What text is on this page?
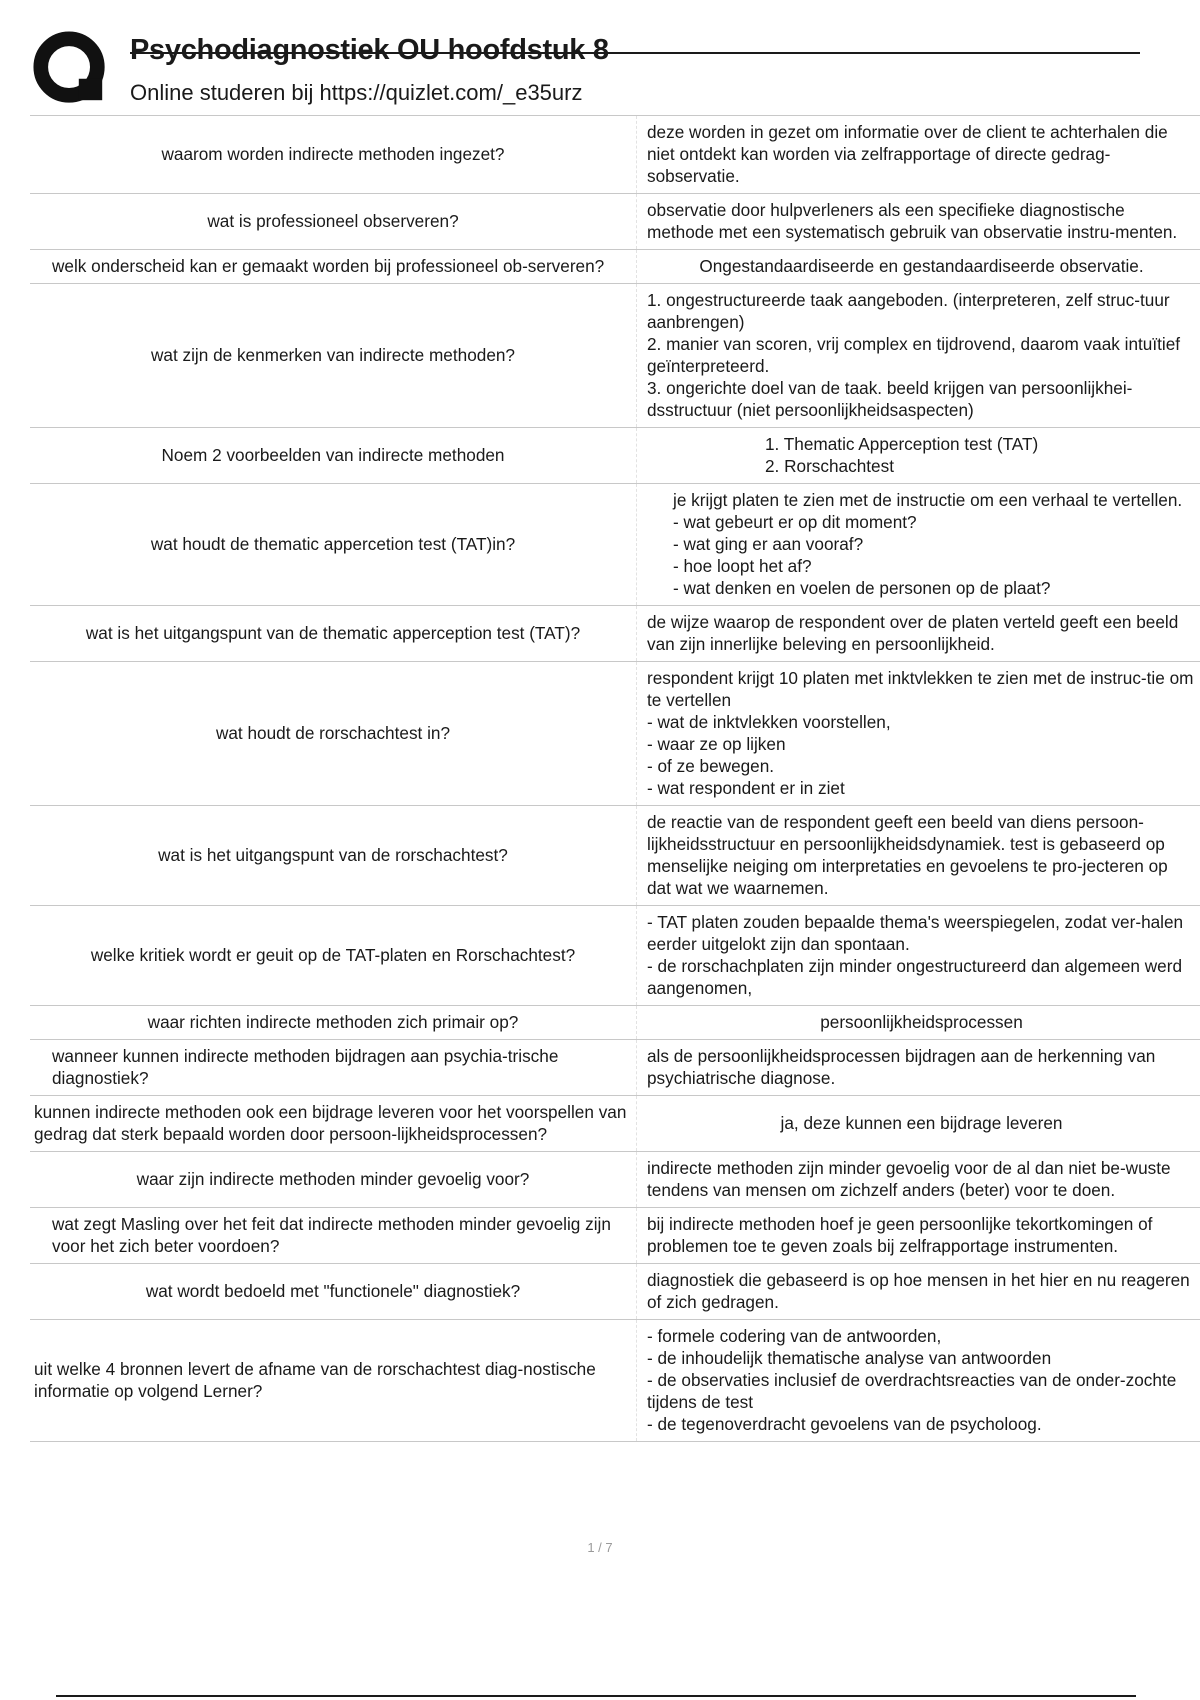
Psychodiagnostiek OU hoofdstuk 8
Online studeren bij https://quizlet.com/_e35urz
waarom worden indirecte methoden ingezet?	deze worden in gezet om informatie over de client te achterhalen die niet ontdekt kan worden via zelfrapportage of directe gedrag-sobservatie.
wat is professioneel observeren?	observatie door hulpverleners als een specifieke diagnostische methode met een systematisch gebruik van observatie instru-menten.
welk onderscheid kan er gemaakt worden bij professioneel ob-serveren?	Ongestandaardiseerde en gestandaardiseerde observatie.
wat zijn de kenmerken van indirecte methoden?	1. ongestructureerde taak aangeboden. (interpreteren, zelf struc-tuur aanbrengen)
2. manier van scoren, vrij complex en tijdrovend, daarom vaak intuïtief geïnterpreteerd.
3. ongerichte doel van de taak. beeld krijgen van persoonlijkhei-dsstructuur (niet persoonlijkheidsaspecten)
Noem 2 voorbeelden van indirecte methoden	1. Thematic Apperception test (TAT)
2. Rorschachtest
wat houdt de thematic appercetion test (TAT)in?	je krijgt platen te zien met de instructie om een verhaal te vertellen.
- wat gebeurt er op dit moment?
- wat ging er aan vooraf?
- hoe loopt het af?
- wat denken en voelen de personen op de plaat?
wat is het uitgangspunt van de thematic apperception test (TAT)?	de wijze waarop de respondent over de platen verteld geeft een beeld van zijn innerlijke beleving en persoonlijkheid.
wat houdt de rorschachtest in?	respondent krijgt 10 platen met inktvlekken te zien met de instruc-tie om te vertellen
- wat de inktvlekken voorstellen,
- waar ze op lijken
- of ze bewegen.
- wat respondent er in ziet
wat is het uitgangspunt van de rorschachtest?	de reactie van de respondent geeft een beeld van diens persoon-lijkheidsstructuur en persoonlijkheidsdynamiek. test is gebaseerd op menselijke neiging om interpretaties en gevoelens te pro-jecteren op dat wat we waarnemen.
welke kritiek wordt er geuit op de TAT-platen en Rorschachtest?	- TAT platen zouden bepaalde thema's weerspiegelen, zodat ver-halen eerder uitgelokt zijn dan spontaan.
- de rorschachplaten zijn minder ongestructureerd dan algemeen werd aangenomen,
waar richten indirecte methoden zich primair op?	persoonlijkheidsprocessen
wanneer kunnen indirecte methoden bijdragen aan psychia-trische diagnostiek?	als de persoonlijkheidsprocessen bijdragen aan de herkenning van psychiatrische diagnose.
kunnen indirecte methoden ook een bijdrage leveren voor het voorspellen van gedrag dat sterk bepaald worden door persoon-lijkheidsprocessen?	ja, deze kunnen een bijdrage leveren
waar zijn indirecte methoden minder gevoelig voor?	indirecte methoden zijn minder gevoelig voor de al dan niet be-wuste tendens van mensen om zichzelf anders (beter) voor te doen.
wat zegt Masling over het feit dat indirecte methoden minder gevoelig zijn voor het zich beter voordoen?	bij indirecte methoden hoef je geen persoonlijke tekortkomingen of problemen toe te geven zoals bij zelfrapportage instrumenten.
wat wordt bedoeld met "functionele" diagnostiek?	diagnostiek die gebaseerd is op hoe mensen in het hier en nu reageren of zich gedragen.
uit welke 4 bronnen levert de afname van de rorschachtest diag-nostische informatie op volgend Lerner?	- formele codering van de antwoorden,
- de inhoudelijk thematische analyse van antwoorden
- de observaties inclusief de overdrachtsreacties van de onder-zochte tijdens de test
- de tegenoverdracht gevoelens van de psycholoog.
1 / 7
